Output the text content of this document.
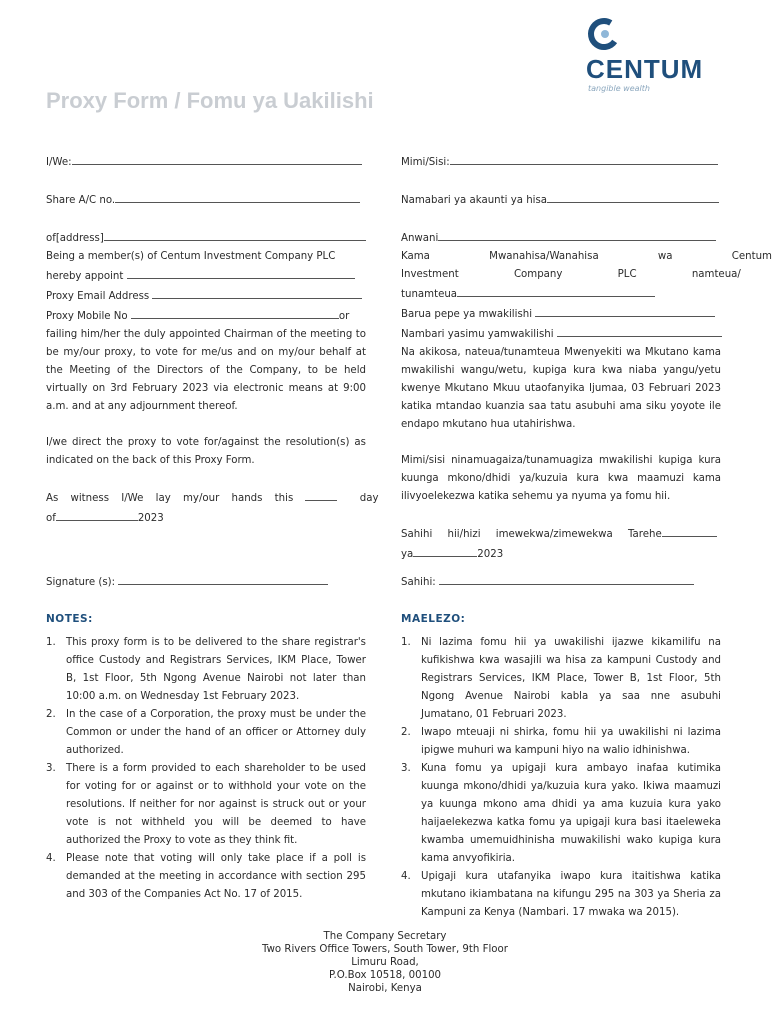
CENTUM
tangible wealth
Proxy Form / Fomu ya Uakilishi
I/We:
Share A/C no.
of[address]
Being a member(s) of Centum Investment Company PLC
hereby appoint
Proxy Email Address
Proxy Mobile No	or
failing him/her the duly appointed Chairman of the meeting to be my/our proxy, to vote for me/us and on my/our behalf at the Meeting of the Directors of the Company, to be held virtually on 3rd February 2023 via electronic means at 9:00 a.m. and at any adjournment thereof.
I/we direct the proxy to vote for/against the resolution(s) as indicated on the back of this Proxy Form.
As witness I/We lay my/our hands this	day
of	2023
Signature (s):
NOTES:
1. This proxy form is to be delivered to the share registrar's office Custody and Registrars Services, IKM Place, Tower B, 1st Floor, 5th Ngong Avenue Nairobi not later than 10:00 a.m. on Wednesday 1st February 2023.
2. In the case of a Corporation, the proxy must be under the Common or under the hand of an officer or Attorney duly authorized.
3. There is a form provided to each shareholder to be used for voting for or against or to withhold your vote on the resolutions. If neither for nor against is struck out or your vote is not withheld you will be deemed to have authorized the Proxy to vote as they think fit.
4. Please note that voting will only take place if a poll is demanded at the meeting in accordance with section 295 and 303 of the Companies Act No. 17 of 2015.
Mimi/Sisi:
Namabari ya akaunti ya hisa
Anwani
Kama Mwanahisa/Wanahisa wa Centum
Investment Company PLC namteua/
tunamteua
Barua pepe ya mwakilishi
Nambari yasimu yamwakilishi
Na akikosa, nateua/tunamteua Mwenyekiti wa Mkutano kama mwakilishi wangu/wetu, kupiga kura kwa niaba yangu/yetu kwenye Mkutano Mkuu utaofanyika Ijumaa, 03 Februari 2023 katika mtandao kuanzia saa tatu asubuhi ama siku yoyote ile endapo mkutano hua utahirishwa.
Mimi/sisi ninamuagaiza/tunamuagiza mwakilishi kupiga kura kuunga mkono/dhidi ya/kuzuia kura kwa maamuzi kama ilivyoelekezwa katika sehemu ya nyuma ya fomu hii.
Sahihi hii/hizi imewekwa/zimewekwa Tarehe
ya	2023
Sahihi:
MAELEZO:
1. Ni lazima fomu hii ya uwakilishi ijazwe kikamilifu na kufikishwa kwa wasajili wa hisa za kampuni Custody and Registrars Services, IKM Place, Tower B, 1st Floor, 5th Ngong Avenue Nairobi kabla ya saa nne asubuhi Jumatano, 01 Februari 2023.
2. Iwapo mteuaji ni shirka, fomu hii ya uwakilishi ni lazima ipigwe muhuri wa kampuni hiyo na walio idhinishwa.
3. Kuna fomu ya upigaji kura ambayo inafaa kutimika kuunga mkono/dhidi ya/kuzuia kura yako. Ikiwa maamuzi ya kuunga mkono ama dhidi ya ama kuzuia kura yako haijaelekezwa katka fomu ya upigaji kura basi itaeleweka kwamba umemuidhinisha muwakilishi wako kupiga kura kama anvyofikiria.
4. Upigaji kura utafanyika iwapo kura itaitishwa katika mkutano ikiambatana na kifungu 295 na 303 ya Sheria za Kampuni za Kenya (Nambari. 17 mwaka wa 2015).
The Company Secretary
Two Rivers Office Towers, South Tower, 9th Floor
Limuru Road,
P.O.Box 10518, 00100
Nairobi, Kenya
